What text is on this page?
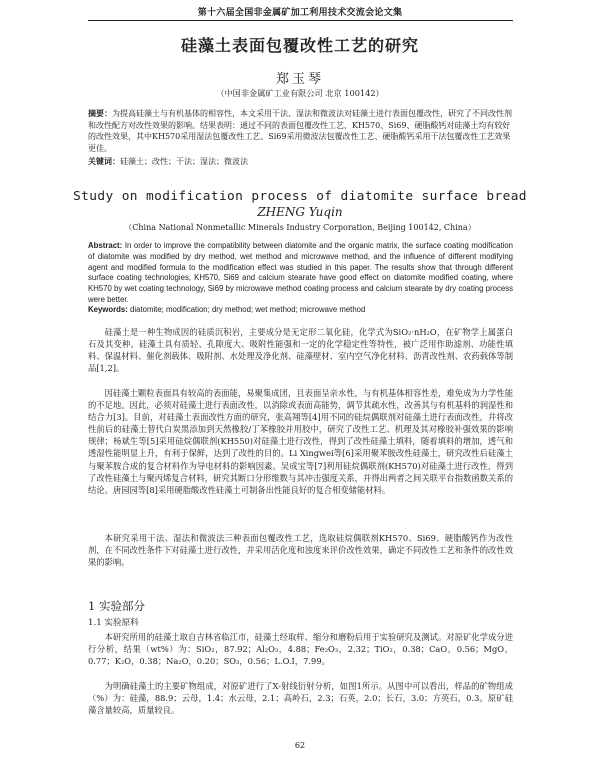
第十六届全国非金属矿加工利用技术交流会论文集
硅藻土表面包覆改性工艺的研究
郑玉琴
（中国非金属矿工业有限公司 北京 100142）
摘要：为提高硅藻土与有机基体的相容性，本文采用干法、湿法和微波法对硅藻土进行表面包覆改性，研究了不同改性剂和改性配方对改性效果的影响。结果表明：通过不同的表面包覆改性工艺，KH570、Si69、硬脂酸钙对硅藻土均有较好的改性效果，其中KH570采用湿法包覆改性工艺、Si69采用微波法包覆改性工艺、硬脂酸钙采用干法包覆改性工艺效果更佳。
关键词：硅藻土；改性；干法；湿法；微波法
Study on modification process of diatomite surface bread
ZHENG Yuqin
（China National Nonmetallic Minerals Industry Corporation, Beijing 100142, China）
Abstract: In order to improve the compatibility between diatomite and the organic matrix, the surface coating modification of diatomite was modified by dry method, wet method and microwave method, and the influence of different modifying agent and modified formula to the modification effect was studied in this paper. The results show that through different surface coating technologies, KH570, Si69 and calcium stearate have good effect on diatomite modified coating, where KH570 by wet coating technology, Si69 by microwave method coating process and calcium stearate by dry coating process were better.
Keywords: diatomite; modification; dry method; wet method; microwave method

硅藻土是一种生物成因的硅质沉积岩，主要成分是无定形二氧化硅，化学式为SiO₂·nH₂O，在矿物学上属蛋白石及其变种。硅藻土具有质轻、孔隙度大、吸附性能强和一定的化学稳定性等特性，被广泛用作助滤剂、功能性填料、保温材料、催化剂载体、吸附剂、水处理及净化剂、硅藻壁材、室内空气净化材料、沥青改性剂、农药载体等制品[1,2]。

因硅藻土颗粒表面具有较高的表面能，易聚集成团，且表面呈亲水性，与有机基体相容性差，难免成为力学性能的不足地。因此，必须对硅藻土进行表面改性，以消除或表面高能势，调节其疏水性，改善其与有机基料的润湿性和结合力[3]。目前，对硅藻土表面改性方面的研究，张高翔等[4]用不同的硅烷偶联剂对硅藻土进行表面改性，并将改性前后的硅藻土替代白炭黑添加到天然橡胶/丁苯橡胶并用胶中，研究了改性工艺、机理及其对橡胶补强效果的影响规律；杨斌生等[5]采用硅烷偶联剂(KH550)对硅藻土进行改性，得到了改性硅藻土填料，随着填料的增加，透气和透湿性能明显上升，有利于保鲜，达到了改性的目的。Li Xingwei等[6]采用聚苯胺改性硅藻土，研究改性后硅藻土与聚苯胺合成的复合材料作为导电材料的影响因素。吴成宝等[7]利用硅烷偶联剂(KH570)对硅藻土进行改性，得到了改性硅藻土与聚丙烯复合材料，研究其断口分形维数与其冲击强度关系，并得出两者之间关联平台指数函数关系的结论。唐园园等[8]采用硬脂酸改性硅藻土可制备出性能良好的复合相变储能材料。

本研究采用干法、湿法和微波法三种表面包覆改性工艺，选取硅烷偶联剂KH570、Si69、硬脂酸钙作为改性剂，在不同改性条件下对硅藻土进行改性，并采用活化度和浊度来评价改性效果，确定不同改性工艺和条件的改性效果的影响。

1 实验部分
1.1 实验原料

本研究所用的硅藻土取自吉林省临江市，硅藻土经取样、缩分和磨粉后用于实验研究及测试。对原矿化学成分进行分析，结果（wt%）为：SiO₂，87.92；Al₂O₃，4.88；Fe₂O₃，2.32；TiO₂，0.38；CaO，0.56；MgO，0.77；K₂O，0.38；Na₂O，0.20；SO₃，0.56；L.O.I，7.99。

为明确硅藻土的主要矿物组成，对原矿进行了X-射线衍射分析，如图1所示。从图中可以看出，样品的矿物组成（%）为：硅藻，88.9；云母，1.4；水云母，2.1；高岭石，2.3；石英，2.0；长石，3.0；方英石，0.3。原矿硅藻含量较高，质量较良。

62
